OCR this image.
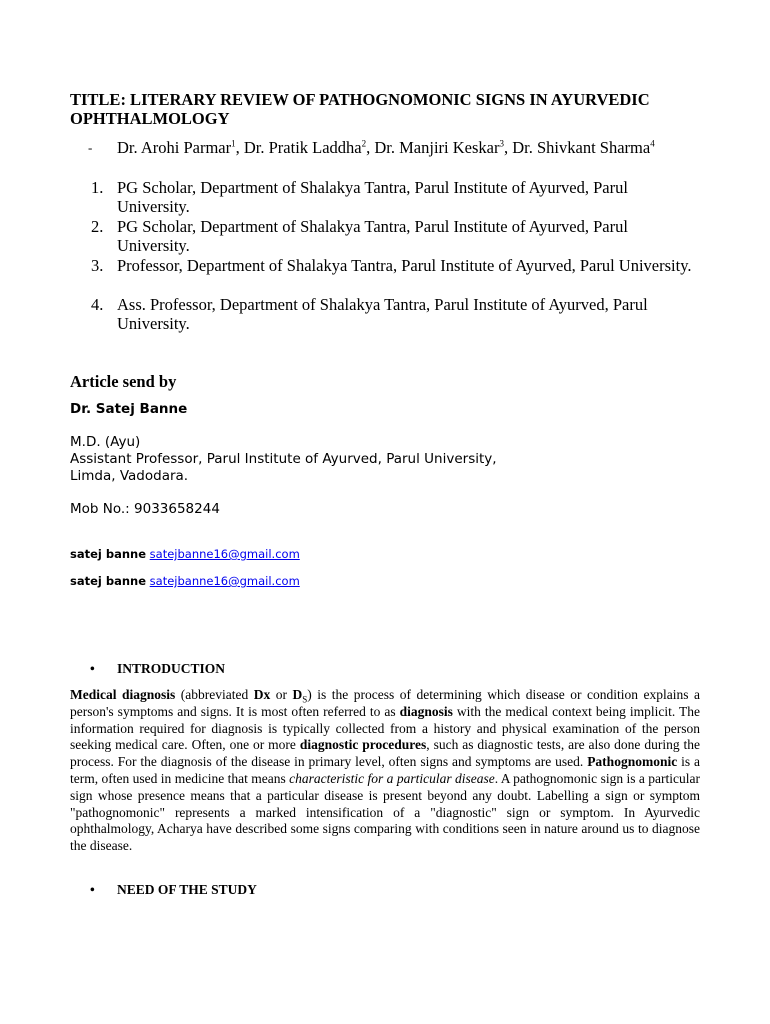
TITLE: LITERARY REVIEW OF PATHOGNOMONIC SIGNS IN AYURVEDIC OPHTHALMOLOGY
- Dr. Arohi Parmar$^1$, Dr. Pratik Laddha$^2$, Dr. Manjiri Keskar$^3$, Dr. Shivkant Sharma$^4$
1. PG Scholar, Department of Shalakya Tantra, Parul Institute of Ayurved, Parul University.
2. PG Scholar, Department of Shalakya Tantra, Parul Institute of Ayurved, Parul University.
3. Professor, Department of Shalakya Tantra, Parul Institute of Ayurved, Parul University.
4. Ass. Professor, Department of Shalakya Tantra, Parul Institute of Ayurved, Parul University.
Article send by
Dr. Satej Banne
M.D. (Ayu)
Assistant Professor, Parul Institute of Ayurved, Parul University,
Limda, Vadodara.
Mob No.: 9033658244
satej banne satejbanne16@gmail.com
satej banne satejbanne16@gmail.com
• INTRODUCTION
Medical diagnosis (abbreviated Dx or $D_S$) is the process of determining which disease or condition explains a person's symptoms and signs. It is most often referred to as diagnosis with the medical context being implicit. The information required for diagnosis is typically collected from a history and physical examination of the person seeking medical care. Often, one or more diagnostic procedures, such as diagnostic tests, are also done during the process. For the diagnosis of the disease in primary level, often signs and symptoms are used. Pathognomonic is a term, often used in medicine that means characteristic for a particular disease. A pathognomonic sign is a particular sign whose presence means that a particular disease is present beyond any doubt. Labelling a sign or symptom "pathognomonic" represents a marked intensification of a "diagnostic" sign or symptom. In Ayurvedic ophthalmology, Acharya have described some signs comparing with conditions seen in nature around us to diagnose the disease.
• NEED OF THE STUDY
